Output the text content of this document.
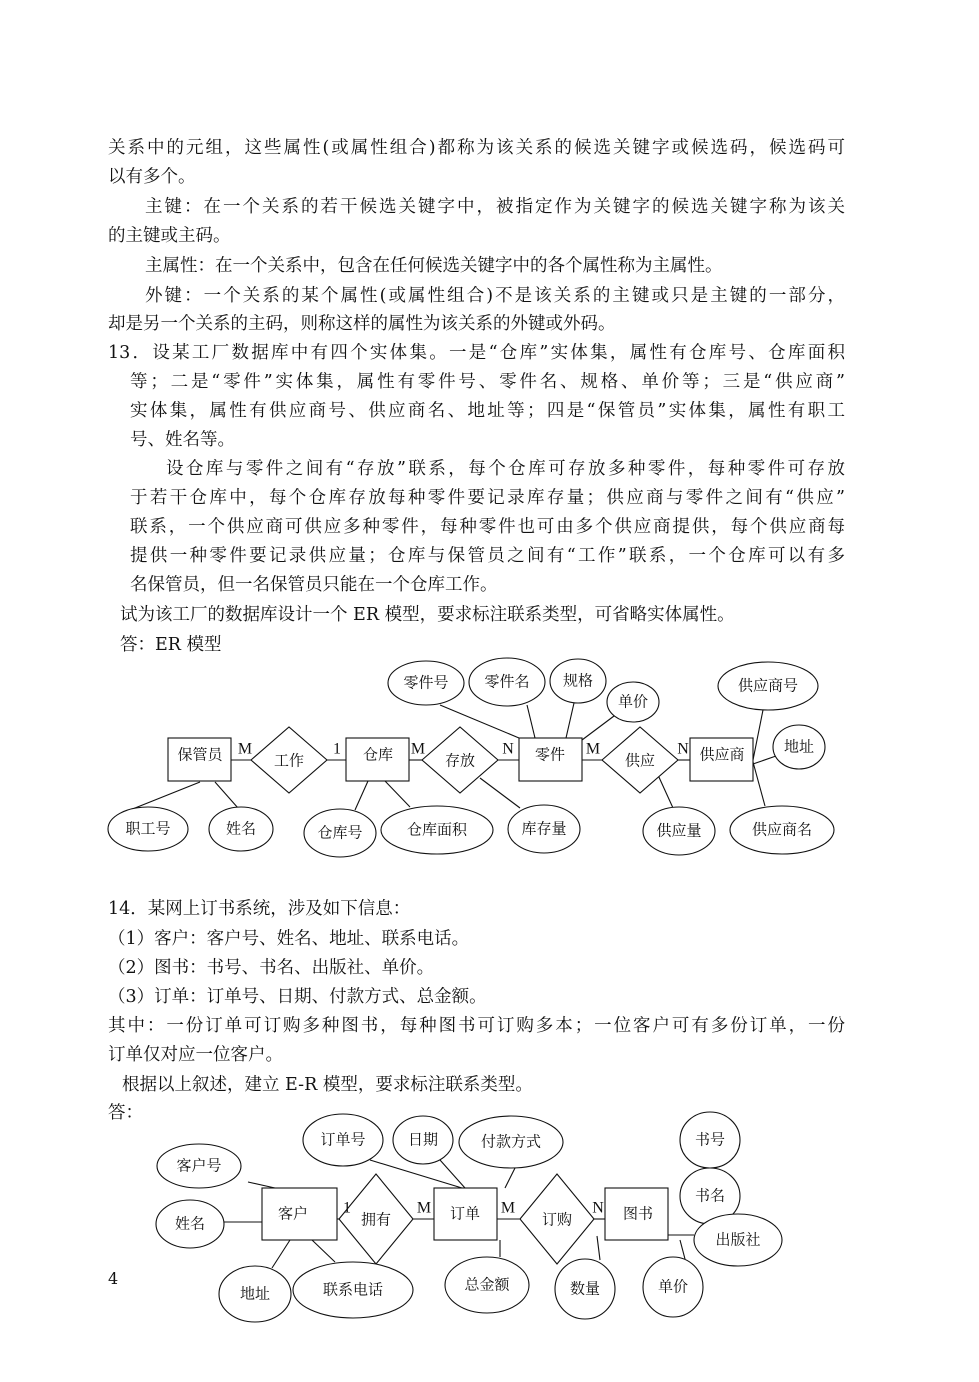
关系中的元组，这些属性(或属性组合)都称为该关系的候选关键字或候选码，候选码可
以有多个。
主键：在一个关系的若干候选关键字中，被指定作为关键字的候选关键字称为该关
的主键或主码。
主属性：在一个关系中，包含在任何候选关键字中的各个属性称为主属性。
外键：一个关系的某个属性(或属性组合)不是该关系的主键或只是主键的一部分，
却是另一个关系的主码，则称这样的属性为该关系的外键或外码。
13．设某工厂数据库中有四个实体集。一是“仓库”实体集，属性有仓库号、仓库面积
等；二是“零件”实体集，属性有零件号、零件名、规格、单价等；三是“供应商”
实体集，属性有供应商号、供应商名、地址等；四是“保管员”实体集，属性有职工
号、姓名等。
设仓库与零件之间有“存放”联系，每个仓库可存放多种零件，每种零件可存放
于若干仓库中，每个仓库存放每种零件要记录库存量；供应商与零件之间有“供应”
联系，一个供应商可供应多种零件，每种零件也可由多个供应商提供，每个供应商每
提供一种零件要记录供应量；仓库与保管员之间有“工作”联系，一个仓库可以有多
名保管员，但一名保管员只能在一个仓库工作。
试为该工厂的数据库设计一个 ER 模型，要求标注联系类型，可省略实体属性。
答：ER 模型
14．某网上订书系统，涉及如下信息：
（1）客户：客户号、姓名、地址、联系电话。
（2）图书：书号、书名、出版社、单价。
（3）订单：订单号、日期、付款方式、总金额。
其中：一份订单可订购多种图书，每种图书可订购多本；一位客户可有多份订单，一份
订单仅对应一位客户。
根据以上叙述，建立 E-R 模型，要求标注联系类型。
答：
4
保管员	仓库	零件	供应商
工作	存放	供应
M	1	M	N	M	N
零件号 零件名 规格
单价
供应商号
地址
供应商名
职工号	姓名	仓库号	仓库面积	库存量	供应量
客户	订单	图书
拥有	订购
1	M	M	N
客户号
姓名
地址	联系电话
订单号	日期	付款方式
总金额	数量
书号
书名
出版社
单价
